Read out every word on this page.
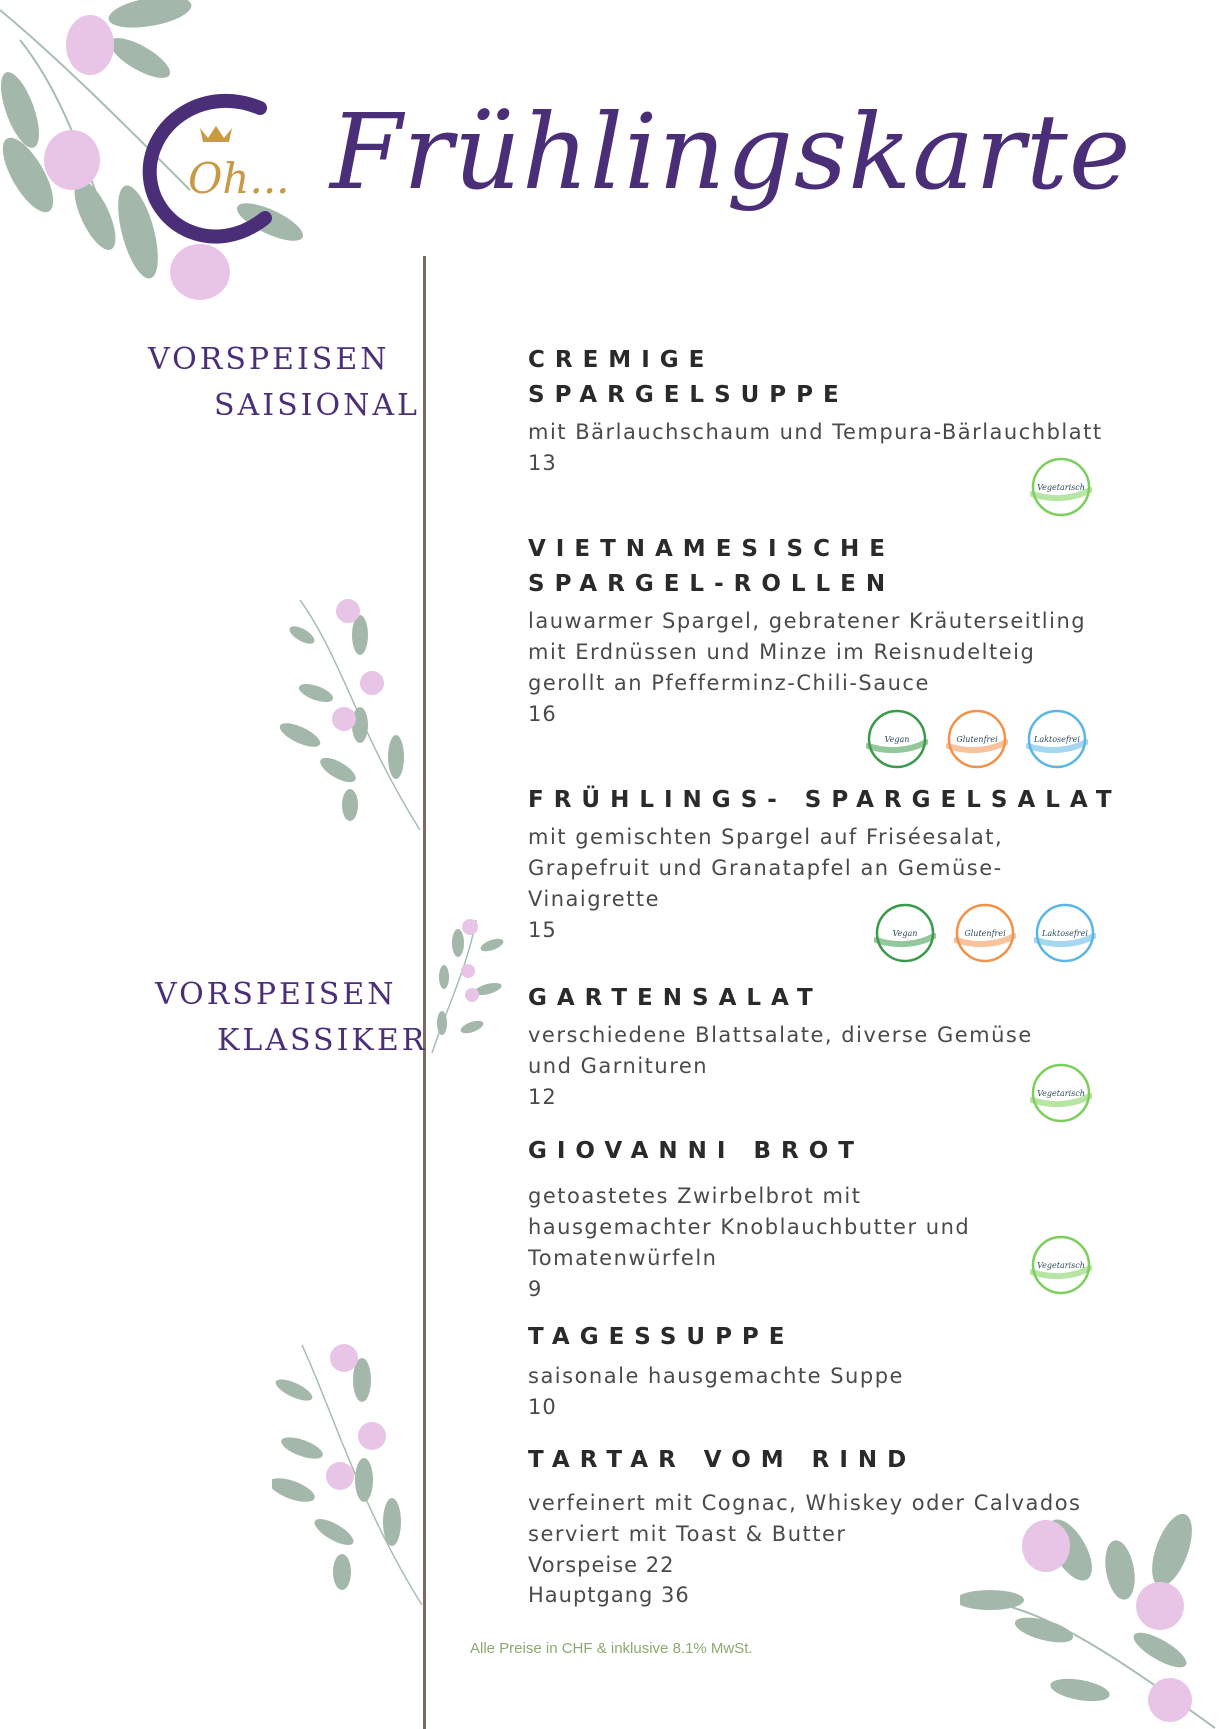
Oh... Frühlingskarte
VORSPEISEN
SAISIONAL
VORSPEISEN
KLASSIKER
CREMIGE
SPARGELSUPPE
mit Bärlauchschaum und Tempura-Bärlauchblatt
13
VIETNAMESISCHE
SPARGEL-ROLLEN
lauwarmer Spargel, gebratener Kräuterseitling
mit Erdnüssen und Minze im Reisnudelteig
gerollt an Pfefferminz-Chili-Sauce
16
FRÜHLINGS- SPARGELSALAT
mit gemischten Spargel auf Friséesalat,
Grapefruit und Granatapfel an Gemüse-
Vinaigrette
15
GARTENSALAT
verschiedene Blattsalate, diverse Gemüse
und Garnituren
12
GIOVANNI BROT
getoastetes Zwirbelbrot mit
hausgemachter Knoblauchbutter und
Tomatenwürfeln
9
TAGESSUPPE
saisonale hausgemachte Suppe
10
TARTAR VOM RIND
verfeinert mit Cognac, Whiskey oder Calvados
serviert mit Toast & Butter
Vorspeise 22
Hauptgang 36
Vegetarisch
Vegan	Glutenfrei	Laktosefrei
Vegan	Glutenfrei	Laktosefrei
Vegetarisch
Vegetarisch
Alle Preise in CHF & inklusive 8.1% MwSt.
